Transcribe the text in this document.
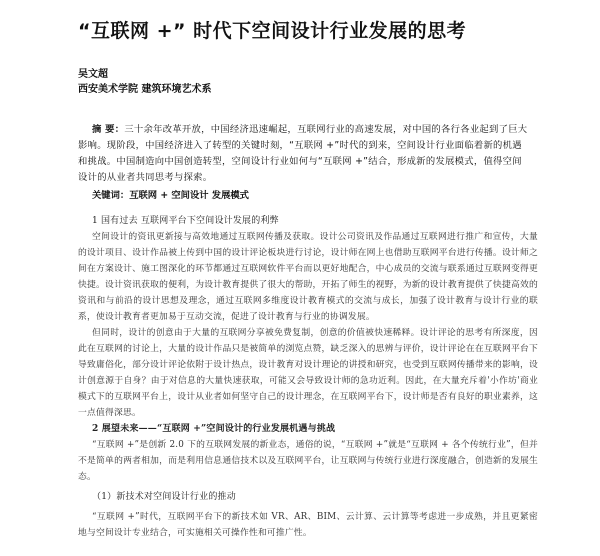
“互联网 +” 时代下空间设计行业发展的思考
吴文超
西安美术学院 建筑环境艺术系
摘 要：三十余年改革开放，中国经济迅速崛起，互联网行业的高速发展，对中国的各行各业起到了巨大影响。现阶段，中国经济进入了转型的关键时刻，“互联网 +”时代的到来，空间设计行业面临着新的机遇和挑战。中国制造向中国创造转型，空间设计行业如何与“互联网 +”结合，形成新的发展模式，值得空间设计的从业者共同思考与探索。
关键词：互联网 + 空间设计 发展模式
1 国有过去 互联网平台下空间设计发展的利弊

空间设计的资讯更新接与高效地通过互联网传播及获取。设计公司资讯及作品通过互联网进行推广和宣传，大量的设计项目、设计作品被上传到中国的设计评论板块进行讨论，设计师在网上也借助互联网平台进行传播。设计师之间在方案设计、施工图深化的环节都通过互联网软件平台而以更好地配合，中心成员的交流与联系通过互联网变得更快捷。设计资讯获取的便利，为设计教育提供了很大的帮助，开拓了师生的视野，为新的设计教育提供了快捷高效的资讯和与前沿的设计思想及理念，通过互联网多维度设计教育模式的交流与成长，加强了设计教育与设计行业的联系，使设计教育者更加易于互动交流，促进了设计教育与行业的协调发展。

但同时，设计的创意由于大量的互联网分享被免费复制，创意的价值被快速稀释。设计评论的思考有所深度，因此在互联网的讨论上，大量的设计作品只是被简单的浏览点赞，缺乏深入的思辨与评价，设计评论在在互联网平台下导致庸俗化，部分设计评论依附于设计热点，设计教育对设计理论的讲授和研究，也受到互联网传播带来的影响，设计创意源于自身？由于对信息的大量快速获取，可能又会导致设计师的急功近利。因此，在大量充斥着'小作坊'商业模式下的互联网平台上，设计从业者如何坚守自己的设计理念，在互联网平台下，设计师是否有良好的职业素养，这一点值得深思。

2 展望未来——“互联网 +”空间设计的行业发展机遇与挑战

“互联网 +”是创新 2.0 下的互联网发展的新业态，通俗的说，“互联网 +”就是“互联网 + 各个传统行业”，但并不是简单的两者相加，而是利用信息通信技术以及互联网平台，让互联网与传统行业进行深度融合，创造新的发展生态。

（1）新技术对空间设计行业的推动

“互联网 +”时代，互联网平台下的新技术如 VR、AR、BIM、云计算、云计算等考虑进一步成熟，并且更紧密地与空间设计专业结合，可实施相关可操作性和可推广性。
